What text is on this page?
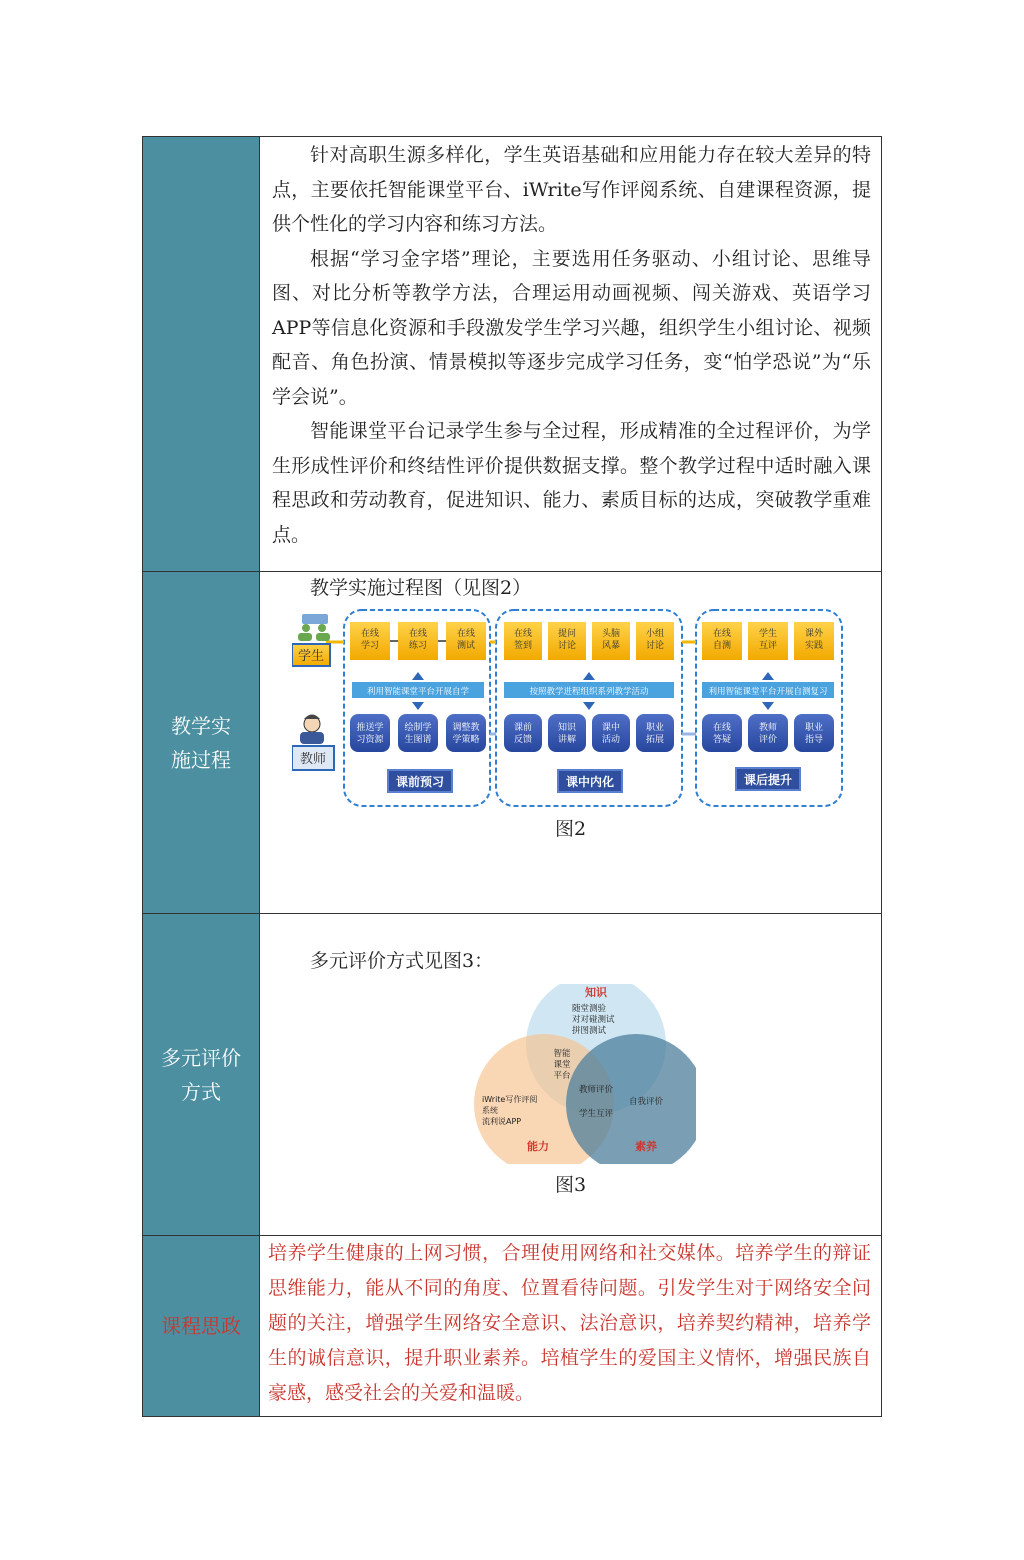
针对高职生源多样化，学生英语基础和应用能力存在较大差异的特点，主要依托智能课堂平台、iWrite写作评阅系统、自建课程资源，提供个性化的学习内容和练习方法。

根据“学习金字塔”理论，主要选用任务驱动、小组讨论、思维导图、对比分析等教学方法，合理运用动画视频、闯关游戏、英语学习APP等信息化资源和手段激发学生学习兴趣，组织学生小组讨论、视频配音、角色扮演、情景模拟等逐步完成学习任务，变“怕学恐说”为“乐学会说”。

智能课堂平台记录学生参与全过程，形成精准的全过程评价，为学生形成性评价和终结性评价提供数据支撑。整个教学过程中适时融入课程思政和劳动教育，促进知识、能力、素质目标的达成，突破教学重难点。

教学实施过程

教学实施过程图（见图2）

学生
教师
在线
学习
在线
练习
在线
测试
利用智能课堂平台开展自学
推送学
习资源
绘制学
生图谱
调整教
学策略
课前预习
在线
签到
提问
讨论
头脑
风暴
小组
讨论
按照教学进程组织系列教学活动
课前
反馈
知识
讲解
课中
活动
职业
拓展
课中内化
在线
自测
学生
互评
课外
实践
利用智能课堂平台开展自测复习
在线
答疑
教师
评价
职业
指导
课后提升
图2
多元评价方式

多元评价方式见图3：

知识
随堂测验
对对碰测试
拼图测试
智能
课堂
平台
教师评价
学生互评
iWrite写作评阅
系统
流利说APP
自我评价
能力	素养
图3
课程思政

培养学生健康的上网习惯，合理使用网络和社交媒体。培养学生的辩证思维能力，能从不同的角度、位置看待问题。引发学生对于网络安全问题的关注，增强学生网络安全意识、法治意识，培养契约精神，培养学生的诚信意识，提升职业素养。培植学生的爱国主义情怀，增强民族自豪感，感受社会的关爱和温暖。
